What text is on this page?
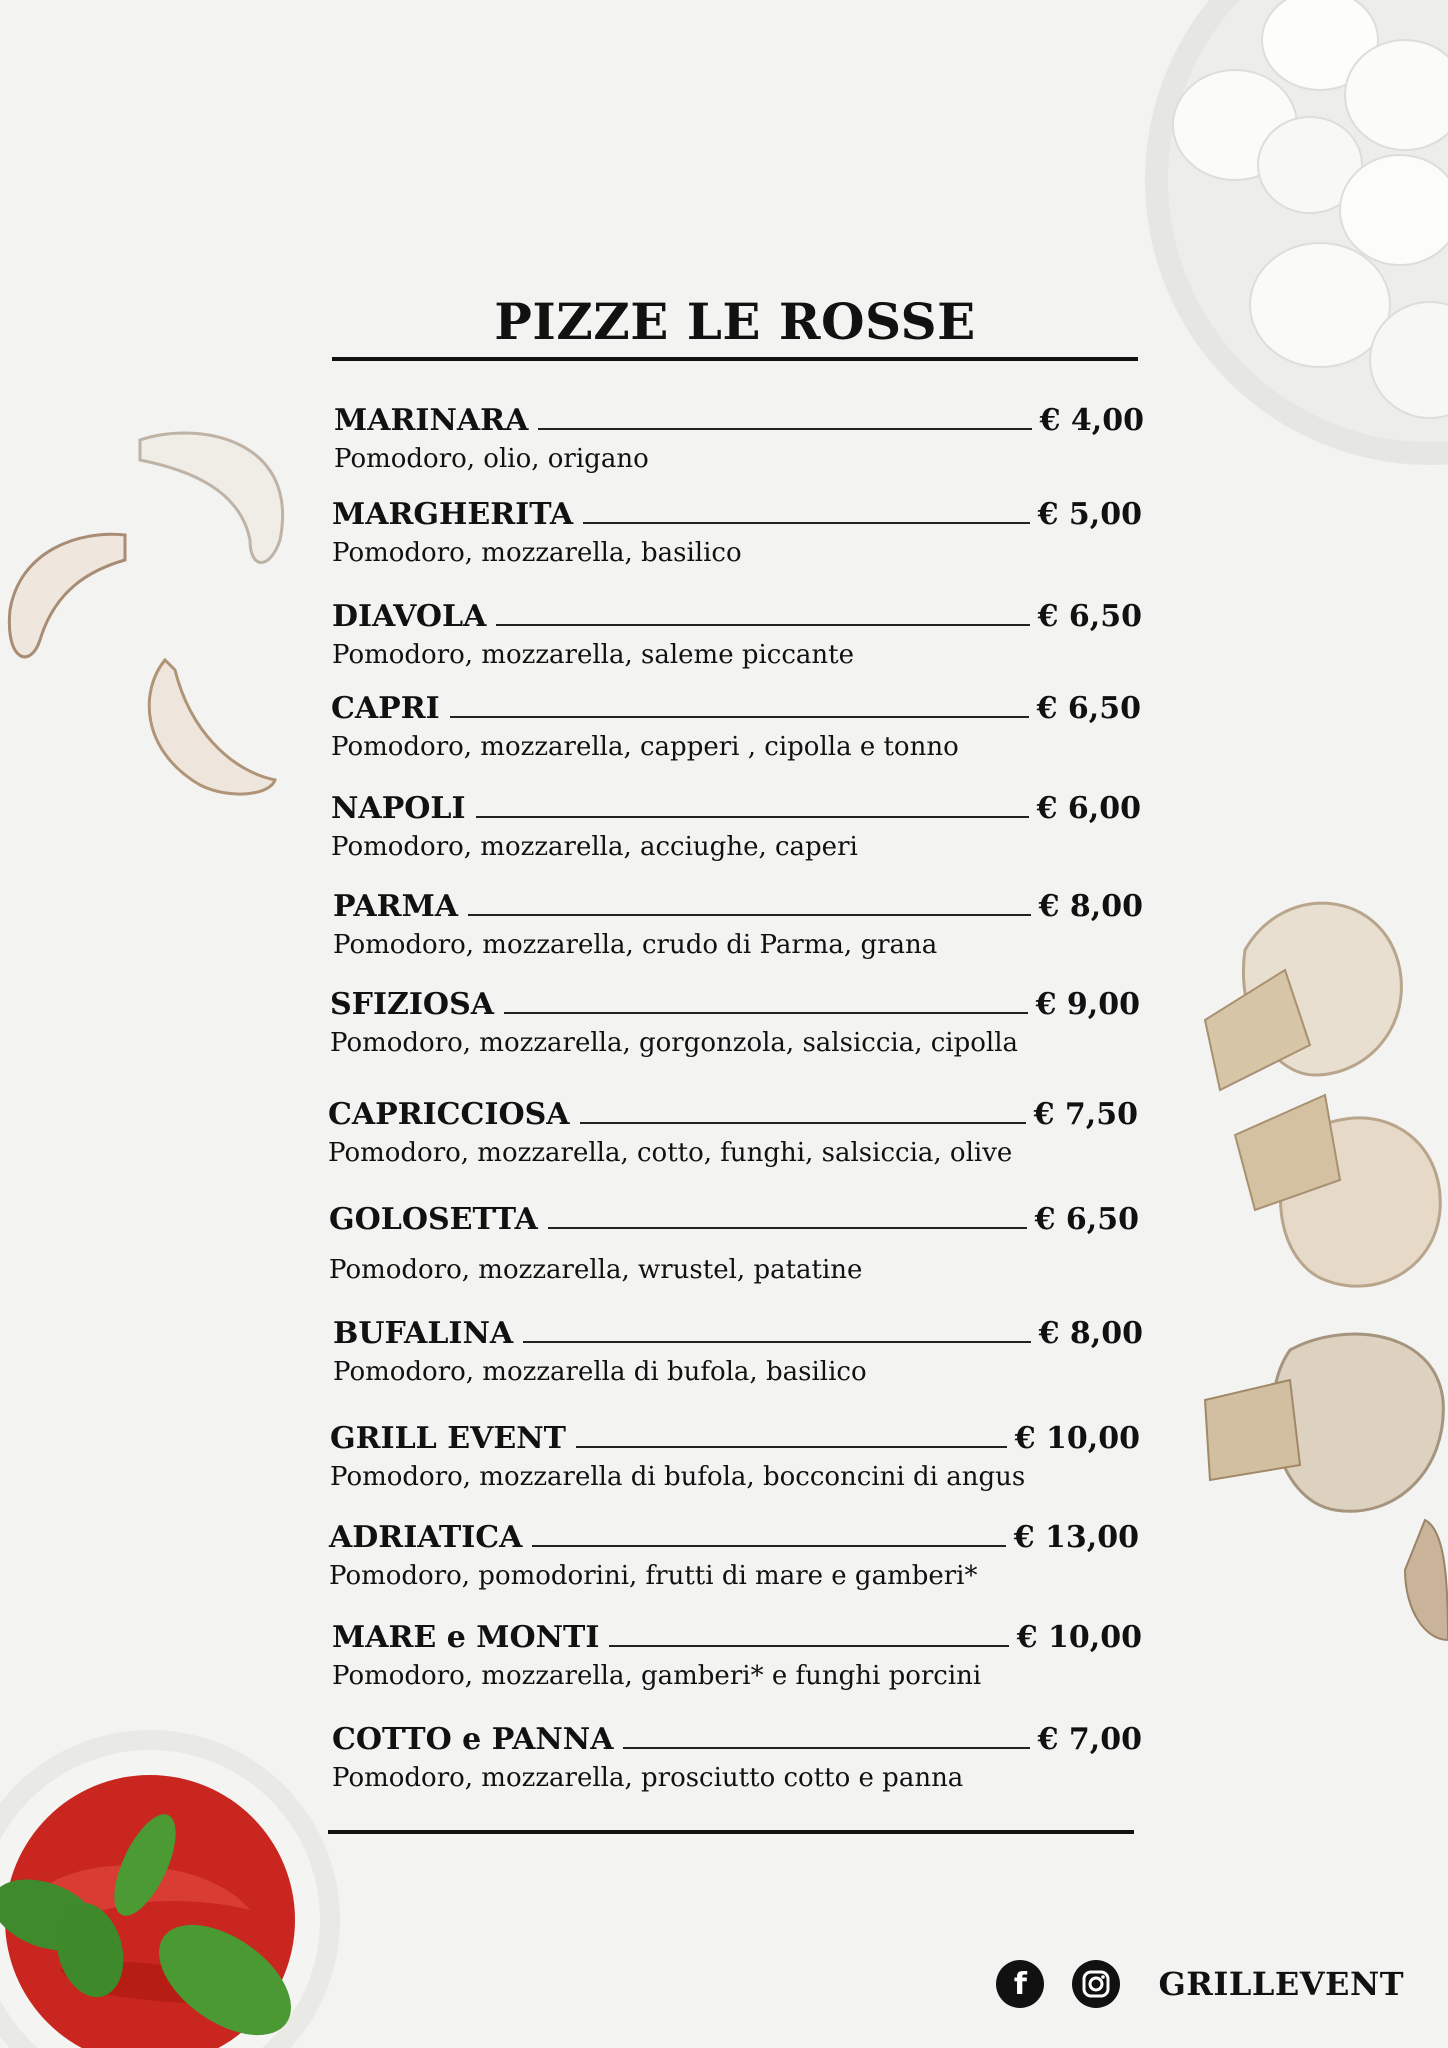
PIZZE LE ROSSE
MARINARA	€ 4,00
Pomodoro, olio, origano
MARGHERITA	€ 5,00
Pomodoro, mozzarella, basilico
DIAVOLA	€ 6,50
Pomodoro, mozzarella, saleme piccante
CAPRI	€ 6,50
Pomodoro, mozzarella, capperi , cipolla e tonno
NAPOLI	€ 6,00
Pomodoro, mozzarella, acciughe, caperi
PARMA	€ 8,00
Pomodoro, mozzarella, crudo di Parma, grana
SFIZIOSA	€ 9,00
Pomodoro, mozzarella, gorgonzola, salsiccia, cipolla
CAPRICCIOSA	€ 7,50
Pomodoro, mozzarella, cotto, funghi, salsiccia, olive
GOLOSETTA	€ 6,50
Pomodoro, mozzarella, wrustel, patatine
BUFALINA	€ 8,00
Pomodoro, mozzarella di bufola, basilico
GRILL EVENT	€ 10,00
Pomodoro, mozzarella di bufola, bocconcini di angus
ADRIATICA	€ 13,00
Pomodoro, pomodorini, frutti di mare e gamberi*
MARE e MONTI	€ 10,00
Pomodoro, mozzarella, gamberi* e funghi porcini
COTTO e PANNA	€ 7,00
Pomodoro, mozzarella, prosciutto cotto e panna
f	GRILLEVENT
